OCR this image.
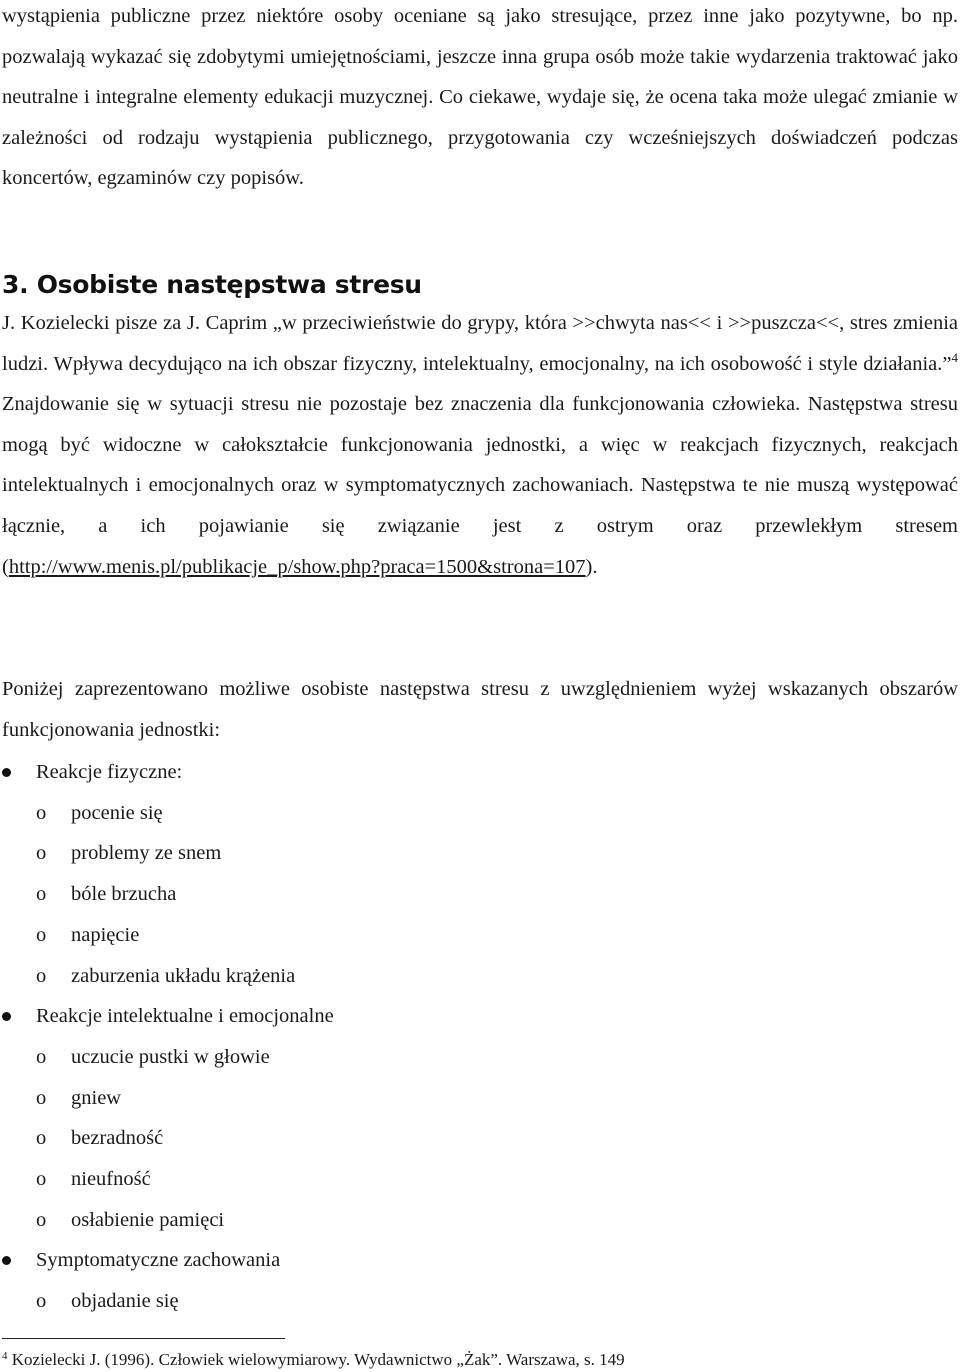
wystąpienia publiczne przez niektóre osoby oceniane są jako stresujące, przez inne jako pozytywne, bo np. pozwalają wykazać się zdobytymi umiejętnościami, jeszcze inna grupa osób może takie wydarzenia traktować jako neutralne i integralne elementy edukacji muzycznej. Co ciekawe, wydaje się, że ocena taka może ulegać zmianie w zależności od rodzaju wystąpienia publicznego, przygotowania czy wcześniejszych doświadczeń podczas koncertów, egzaminów czy popisów.

3. Osobiste następstwa stresu

J. Kozielecki pisze za J. Caprim „w przeciwieństwie do grypy, która >>chwyta nas<< i >>puszcza<<, stres zmienia ludzi. Wpływa decydująco na ich obszar fizyczny, intelektualny, emocjonalny, na ich osobowość i style działania.”$^4$ Znajdowanie się w sytuacji stresu nie pozostaje bez znaczenia dla funkcjonowania człowieka. Następstwa stresu mogą być widoczne w całokształcie funkcjonowania jednostki, a więc w reakcjach fizycznych, reakcjach intelektualnych i emocjonalnych oraz w symptomatycznych zachowaniach. Następstwa te nie muszą występować łącznie, a ich pojawianie się związanie jest z ostrym oraz przewlekłym stresem (http://www.menis.pl/publikacje_p/show.php?praca=1500&strona=107).

Poniżej zaprezentowano możliwe osobiste następstwa stresu z uwzględnieniem wyżej wskazanych obszarów funkcjonowania jednostki:

Reakcje fizyczne:
o pocenie się
o problemy ze snem
o bóle brzucha
o napięcie
o zaburzenia układu krążenia
Reakcje intelektualne i emocjonalne
o uczucie pustki w głowie
o gniew
o bezradność
o nieufność
o osłabienie pamięci
Symptomatyczne zachowania
o objadanie się

$^4$ Kozielecki J. (1996). Człowiek wielowymiarowy. Wydawnictwo „Żak”. Warszawa, s. 149
